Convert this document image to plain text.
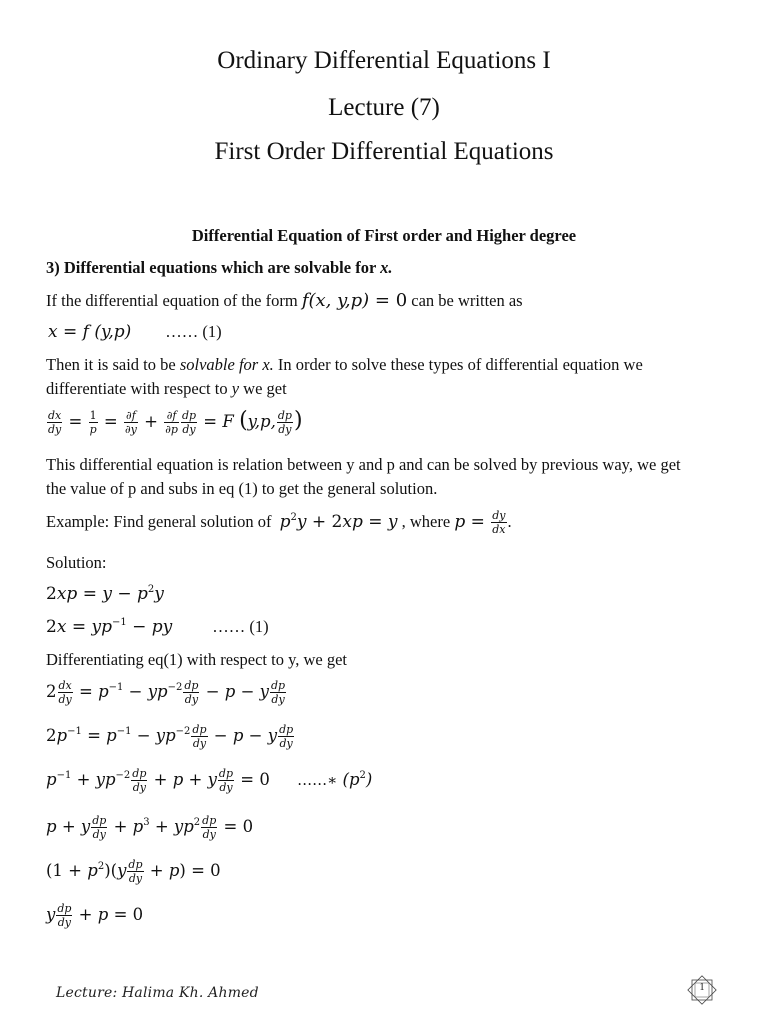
Ordinary Differential Equations I
Lecture (7)
First Order Differential Equations
Differential Equation of First order and Higher degree
3) Differential equations which are solvable for x.
If the differential equation of the form f(x, y,p) = 0 can be written as
x = f (y,p) …… (1)
Then it is said to be solvable for x. In order to solve these types of differential equation we
differentiate with respect to y we get
$\frac{dx}{dy} = \frac{1}{p} = \frac{\partial f}{\partial y} + \frac{\partial f}{\partial p} \frac{dp}{dy} = F$ (y,p, $\frac{dp}{dy}$ )
This differential equation is relation between y and p and can be solved by previous way, we get
the value of p and subs in eq (1) to get the general solution.
Example: Find general solution of $p^2y + 2xp = y$ , where $p = \frac{dy}{dx}$ .
Solution:
$2xp = y - p^2y$
$2x = yp^{-1}$ − py …… (1)
Differentiating eq(1) with respect to y, we get
$2 \frac{dx}{dy} = p^{-1} - yp^{-2} \frac{dp}{dy} - p - y \frac{dp}{dy}$
$2p^{-1} = p^{-1} - yp^{-2} \frac{dp}{dy} - p - y \frac{dp}{dy}$
$p^{-1} + yp^{-2} \frac{dp}{dy} + p + y \frac{dp}{dy} = 0$ ……∗ $(p^2)$
p + y $\frac{dp}{dy} + p^3 + yp^2 \frac{dp}{dy} = 0$
$(1 + p^2)(y \frac{dp}{dy} + p) = 0$
y $\frac{dp}{dy} + p = 0$
Lecture: Halima Kh. Ahmed	1
